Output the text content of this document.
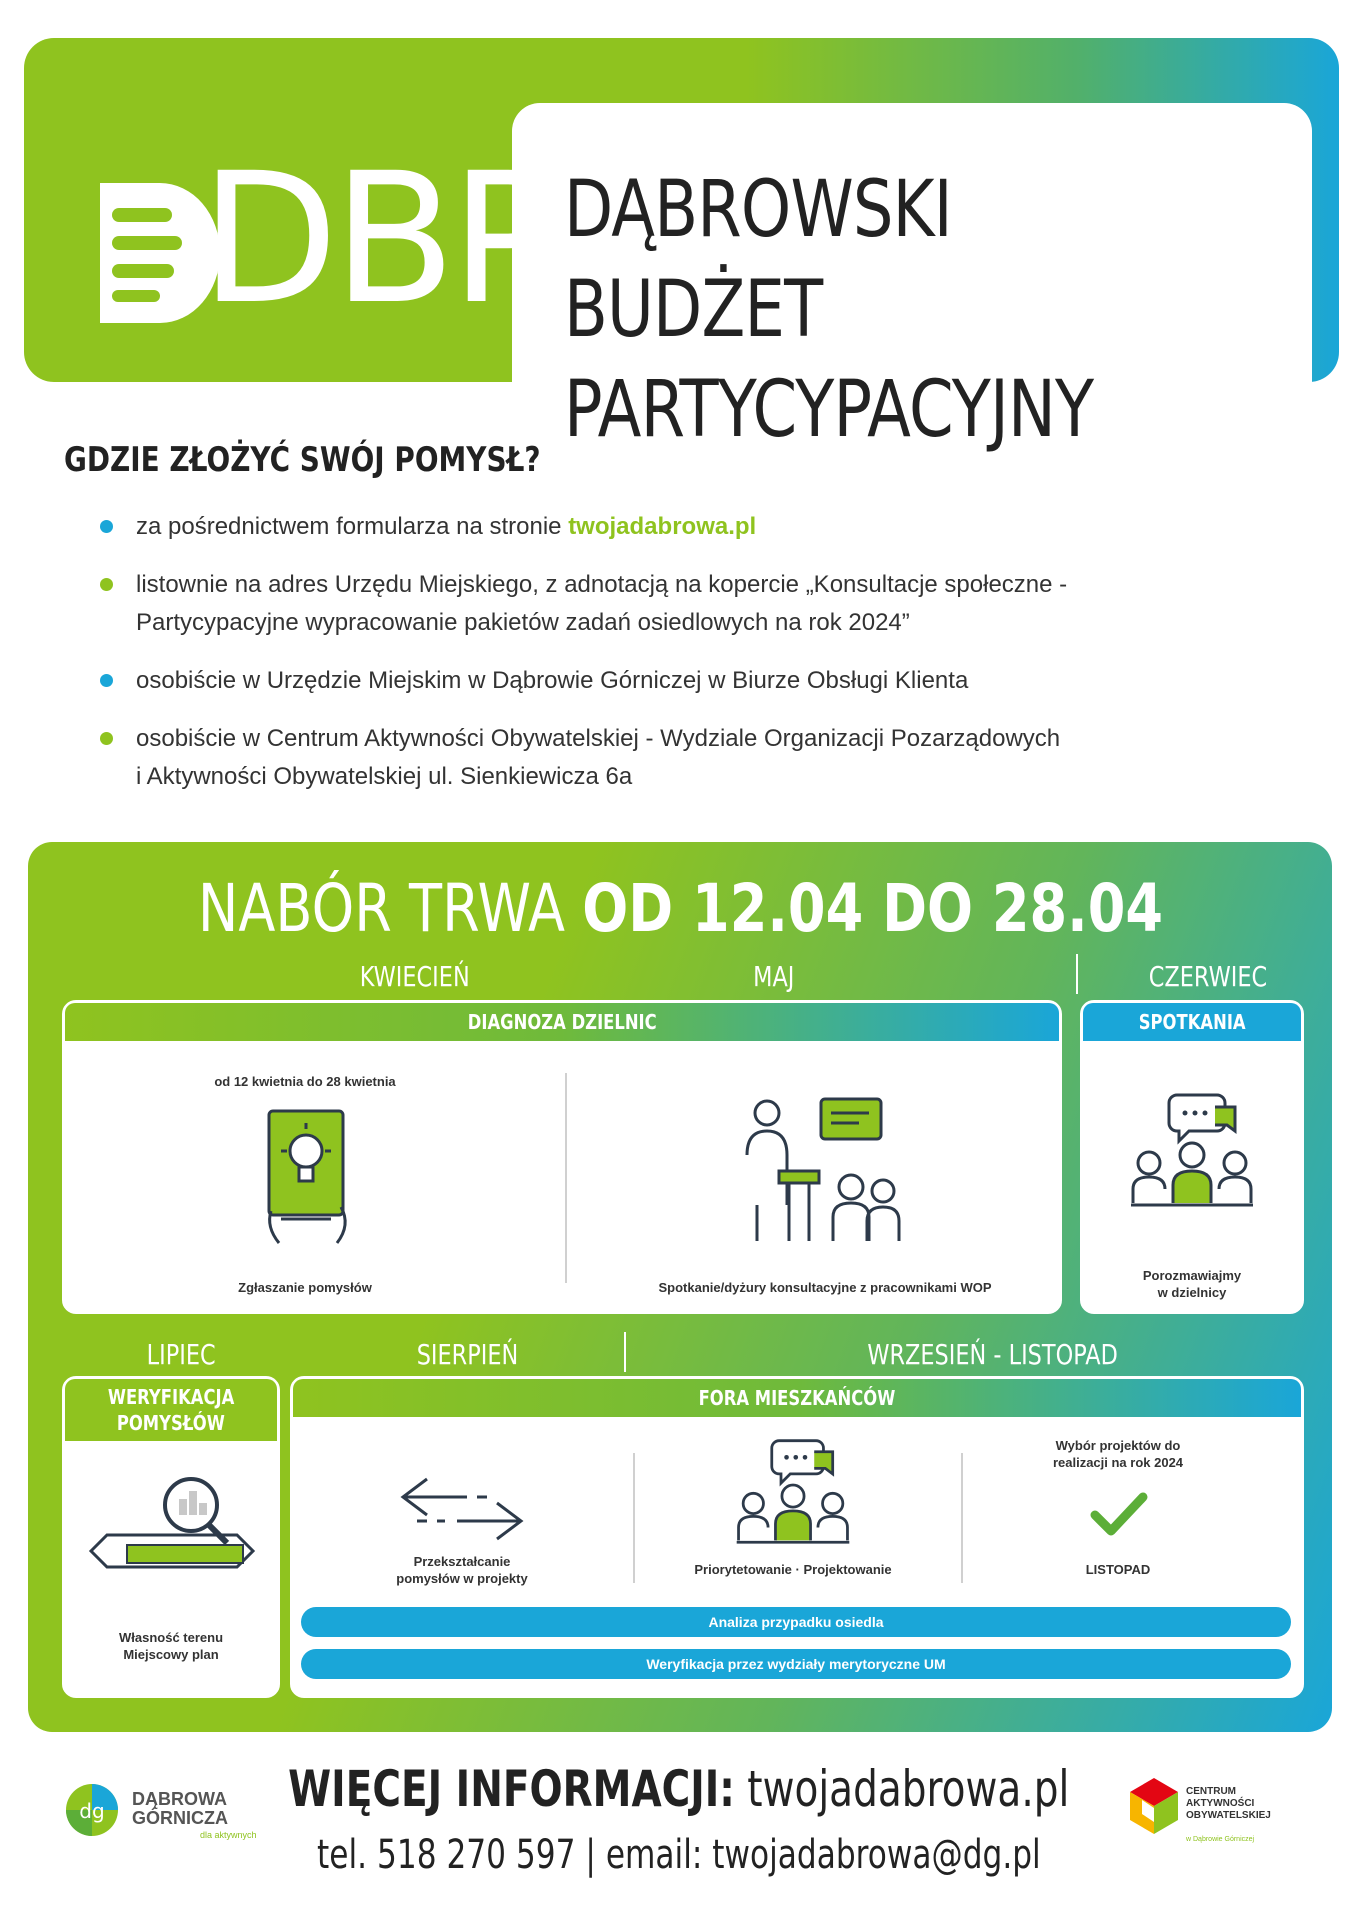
DBP DĄBROWSKI BUDŻET
PARTYCYPACYJNY
GDZIE ZŁOŻYĆ SWÓJ POMYSŁ?
za pośrednictwem formularza na stronie twojadabrowa.pl
listownie na adres Urzędu Miejskiego, z adnotacją na kopercie „Konsultacje społeczne -
Partycypacyjne wypracowanie pakietów zadań osiedlowych na rok 2024”
osobiście w Urzędzie Miejskim w Dąbrowie Górniczej w Biurze Obsługi Klienta
osobiście w Centrum Aktywności Obywatelskiej - Wydziale Organizacji Pozarządowych
i Aktywności Obywatelskiej ul. Sienkiewicza 6a
NABÓR TRWA OD 12.04 DO 28.04
KWIECIEŃ	MAJ	CZERWIEC
DIAGNOZA DZIELNIC
od 12 kwietnia do 28 kwietnia
Zgłaszanie pomysłów	Spotkanie/dyżury konsultacyjne z pracownikami WOP
SPOTKANIA
Porozmawiajmy
w dzielnicy
LIPIEC	SIERPIEŃ	WRZESIEŃ - LISTOPAD
WERYFIKACJA
POMYSŁÓW
Własność terenu
Miejscowy plan
FORA MIESZKAŃCÓW
Przekształcanie
pomysłów w projekty
Priorytetowanie · Projektowanie
Wybór projektów do
realizacji na rok 2024
LISTOPAD
Analiza przypadku osiedla
Weryfikacja przez wydziały merytoryczne UM
dg DĄBROWA
GÓRNICZA
dla aktywnych
WIĘCEJ INFORMACJI: twojadabrowa.pl
tel. 518 270 597 | email: twojadabrowa@dg.pl
CENTRUM
AKTYWNOŚCI
OBYWATELSKIEJ
w Dąbrowie Górniczej
